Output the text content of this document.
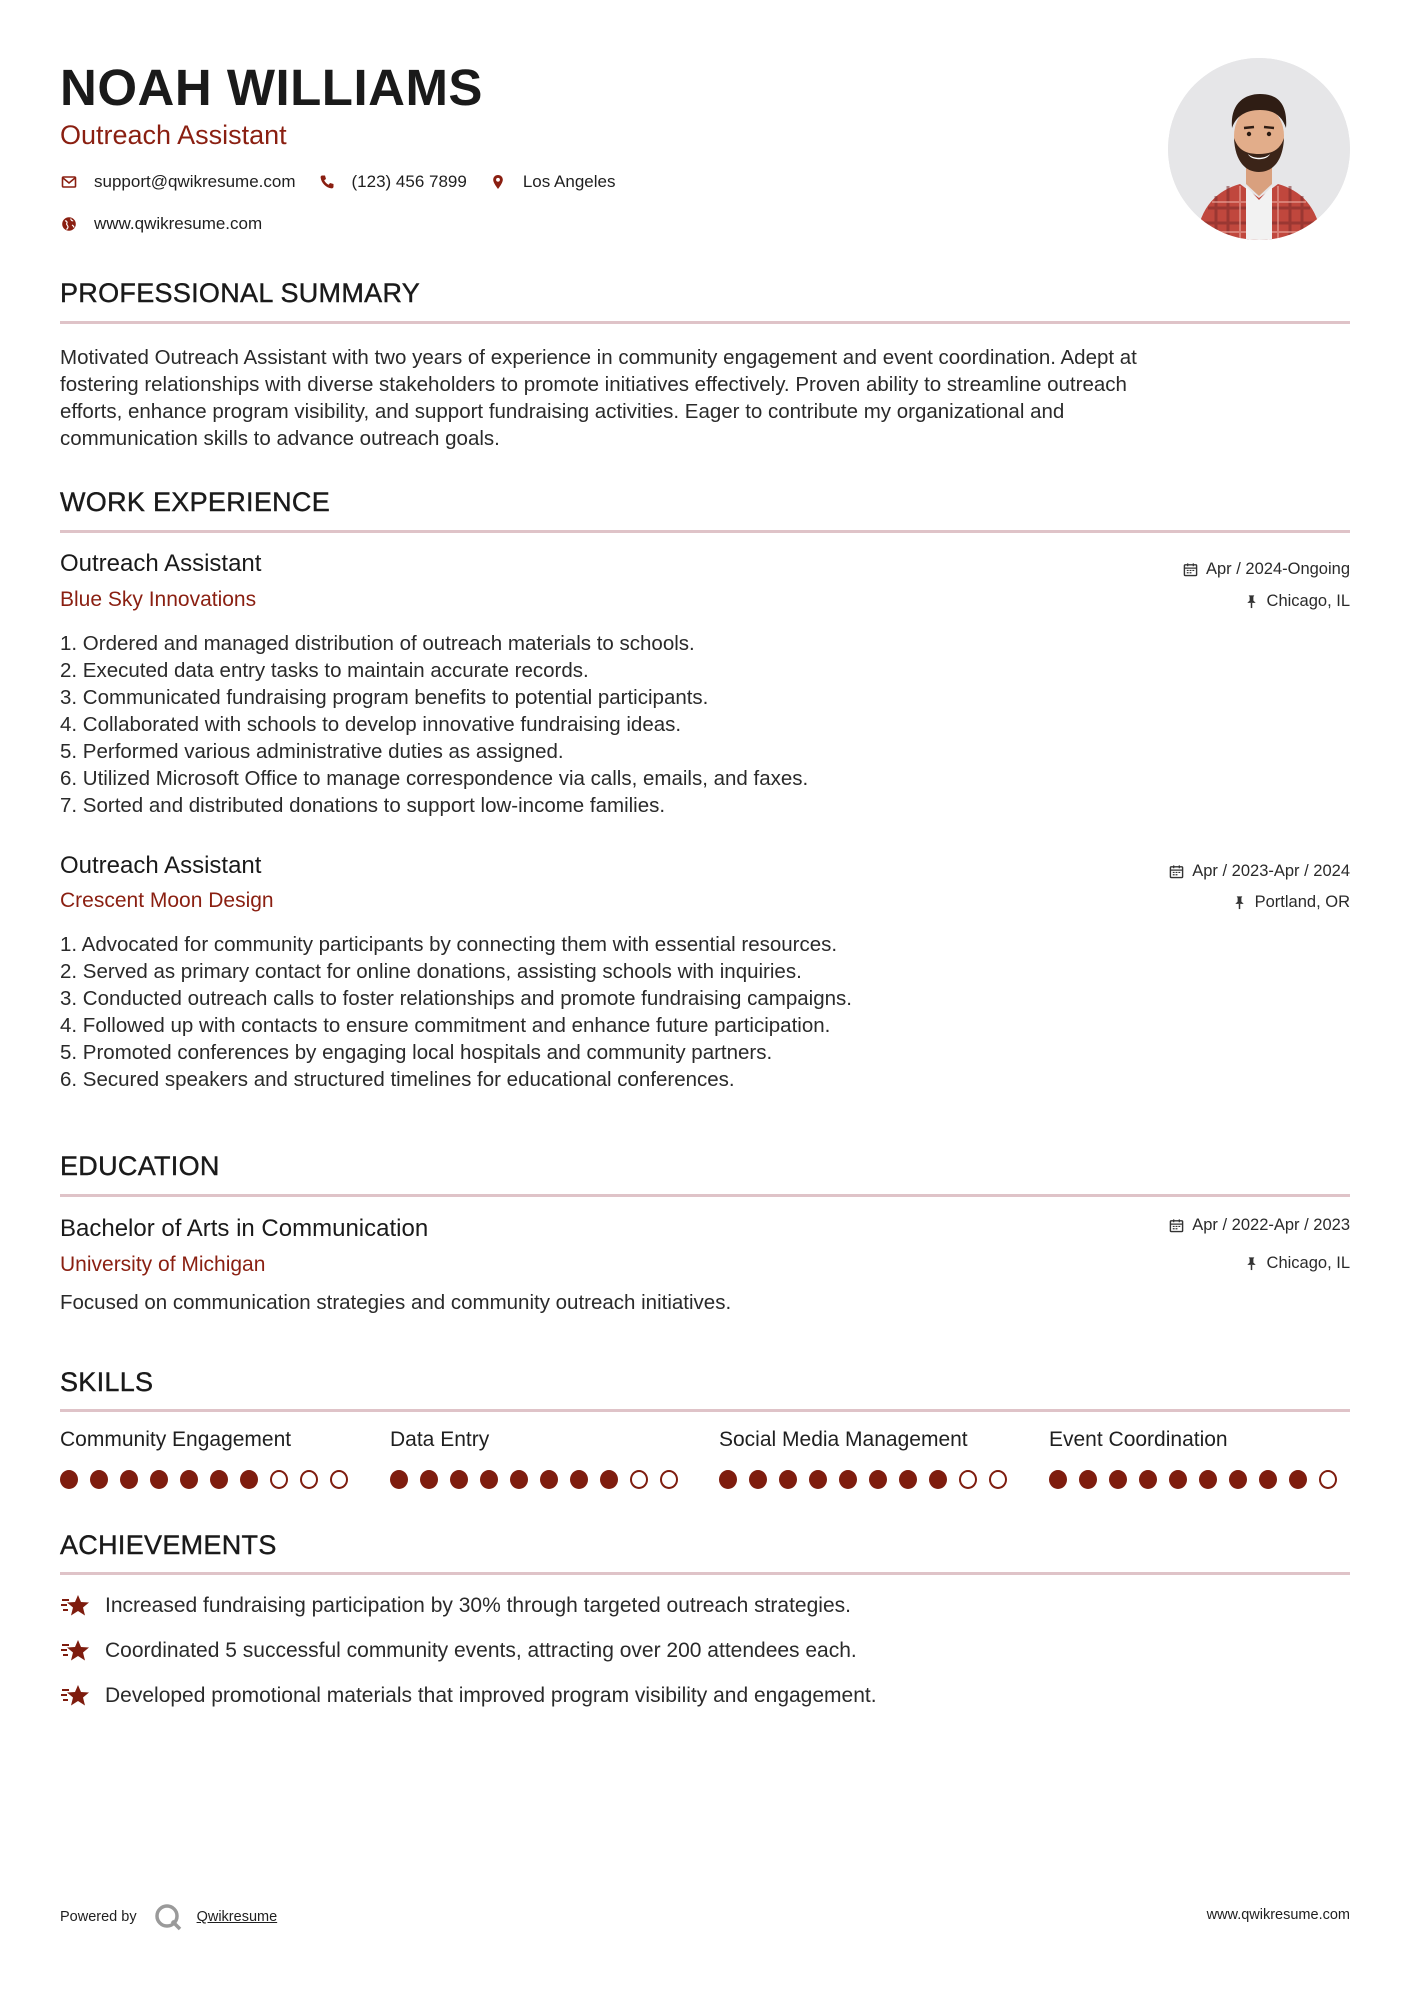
NOAH WILLIAMS
Outreach Assistant
support@qwikresume.com	(123) 456 7899	Los Angeles
www.qwikresume.com
PROFESSIONAL SUMMARY
Motivated Outreach Assistant with two years of experience in community engagement and event coordination. Adept at
fostering relationships with diverse stakeholders to promote initiatives effectively. Proven ability to streamline outreach
efforts, enhance program visibility, and support fundraising activities. Eager to contribute my organizational and
communication skills to advance outreach goals.
WORK EXPERIENCE
Outreach Assistant
Blue Sky Innovations
Apr / 2024-Ongoing
Chicago, IL
1. Ordered and managed distribution of outreach materials to schools.
2. Executed data entry tasks to maintain accurate records.
3. Communicated fundraising program benefits to potential participants.
4. Collaborated with schools to develop innovative fundraising ideas.
5. Performed various administrative duties as assigned.
6. Utilized Microsoft Office to manage correspondence via calls, emails, and faxes.
7. Sorted and distributed donations to support low-income families.
Outreach Assistant
Crescent Moon Design
Apr / 2023-Apr / 2024
Portland, OR
1. Advocated for community participants by connecting them with essential resources.
2. Served as primary contact for online donations, assisting schools with inquiries.
3. Conducted outreach calls to foster relationships and promote fundraising campaigns.
4. Followed up with contacts to ensure commitment and enhance future participation.
5. Promoted conferences by engaging local hospitals and community partners.
6. Secured speakers and structured timelines for educational conferences.
EDUCATION
Bachelor of Arts in Communication
University of Michigan
Apr / 2022-Apr / 2023
Chicago, IL
Focused on communication strategies and community outreach initiatives.
SKILLS
Community Engagement	Data Entry	Social Media Management	Event Coordination
ACHIEVEMENTS
Increased fundraising participation by 30% through targeted outreach strategies.
Coordinated 5 successful community events, attracting over 200 attendees each.
Developed promotional materials that improved program visibility and engagement.
Powered by	Qwikresume	www.qwikresume.com
